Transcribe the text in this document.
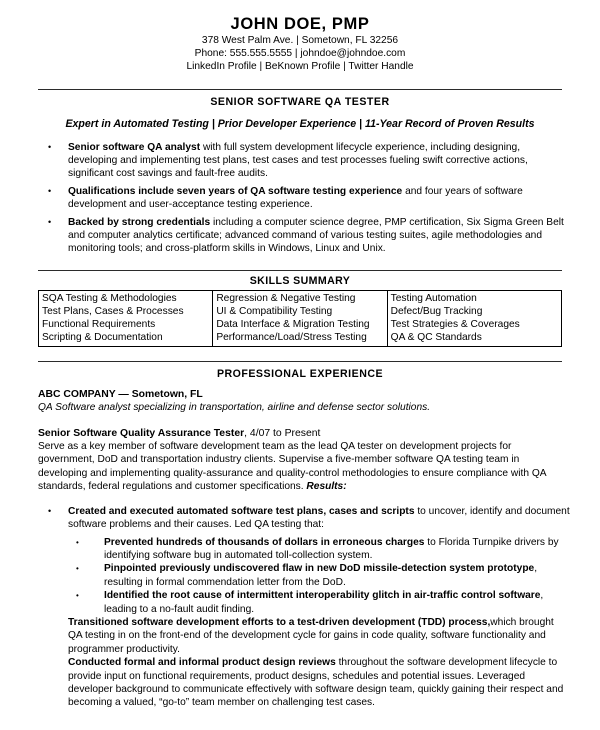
JOHN DOE, PMP
378 West Palm Ave. | Sometown, FL 32256
Phone: 555.555.5555 | johndoe@johndoe.com
LinkedIn Profile | BeKnown Profile | Twitter Handle
SENIOR SOFTWARE QA TESTER
Expert in Automated Testing | Prior Developer Experience | 11-Year Record of Proven Results
•	Senior software QA analyst with full system development lifecycle experience, including designing, developing and implementing test plans, test cases and test processes fueling swift corrective actions, significant cost savings and fault-free audits.
•	Qualifications include seven years of QA software testing experience and four years of software development and user-acceptance testing experience.
•	Backed by strong credentials including a computer science degree, PMP certification, Six Sigma Green Belt and computer analytics certificate; advanced command of various testing suites, agile methodologies and monitoring tools; and cross-platform skills in Windows, Linux and Unix.
SKILLS SUMMARY
SQA Testing & Methodologies	Regression & Negative Testing	Testing Automation
Test Plans, Cases & Processes	UI & Compatibility Testing	Defect/Bug Tracking
Functional Requirements	Data Interface & Migration Testing	Test Strategies & Coverages
Scripting & Documentation	Performance/Load/Stress Testing	QA & QC Standards
PROFESSIONAL EXPERIENCE
ABC COMPANY — Sometown, FL
QA Software analyst specializing in transportation, airline and defense sector solutions.
Senior Software Quality Assurance Tester, 4/07 to Present
Serve as a key member of software development team as the lead QA tester on development projects for government, DoD and transportation industry clients. Supervise a five-member software QA testing team in developing and implementing quality-assurance and quality-control methodologies to ensure compliance with QA standards, federal regulations and customer specifications. Results:
•	Created and executed automated software test plans, cases and scripts to uncover, identify and document software problems and their causes. Led QA testing that:
•	Prevented hundreds of thousands of dollars in erroneous charges to Florida Turnpike drivers by identifying software bug in automated toll-collection system.
•	Pinpointed previously undiscovered flaw in new DoD missile-detection system prototype, resulting in formal commendation letter from the DoD.
•	Identified the root cause of intermittent interoperability glitch in air-traffic control software, leading to a no-fault audit finding.
Transitioned software development efforts to a test-driven development (TDD) process,which brought QA testing in on the front-end of the development cycle for gains in code quality, software functionality and programmer productivity.
Conducted formal and informal product design reviews throughout the software development lifecycle to provide input on functional requirements, product designs, schedules and potential issues. Leveraged developer background to communicate effectively with software design team, quickly gaining their respect and becoming a valued, “go-to” team member on challenging test cases.
